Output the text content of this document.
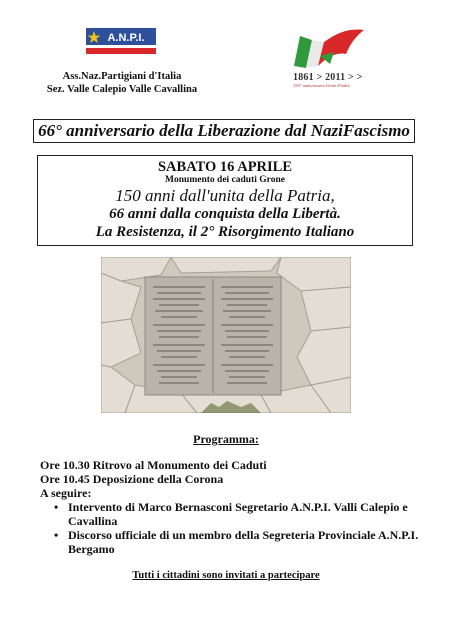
A.N.P.I.
Ass.Naz.Partigiani d'Italia
Sez. Valle Calepio Valle Cavallina
1861 > 2011 > >
150° anniversario Unità d'Italia
66° anniversario della Liberazione dal NaziFascismo
SABATO 16 APRILE
Monumento dei caduti Grone
150 anni dall'unita della Patria,
66 anni dalla conquista della Libertà.
La Resistenza, il 2° Risorgimento Italiano
Programma:
Ore 10.30 Ritrovo al Monumento dei Caduti
Ore 10.45 Deposizione della Corona
A seguire:
• Intervento di Marco Bernasconi Segretario A.N.P.I. Valli Calepio e Cavallina
• Discorso ufficiale di un membro della Segreteria Provinciale A.N.P.I. Bergamo
Tutti i cittadini sono invitati a partecipare
